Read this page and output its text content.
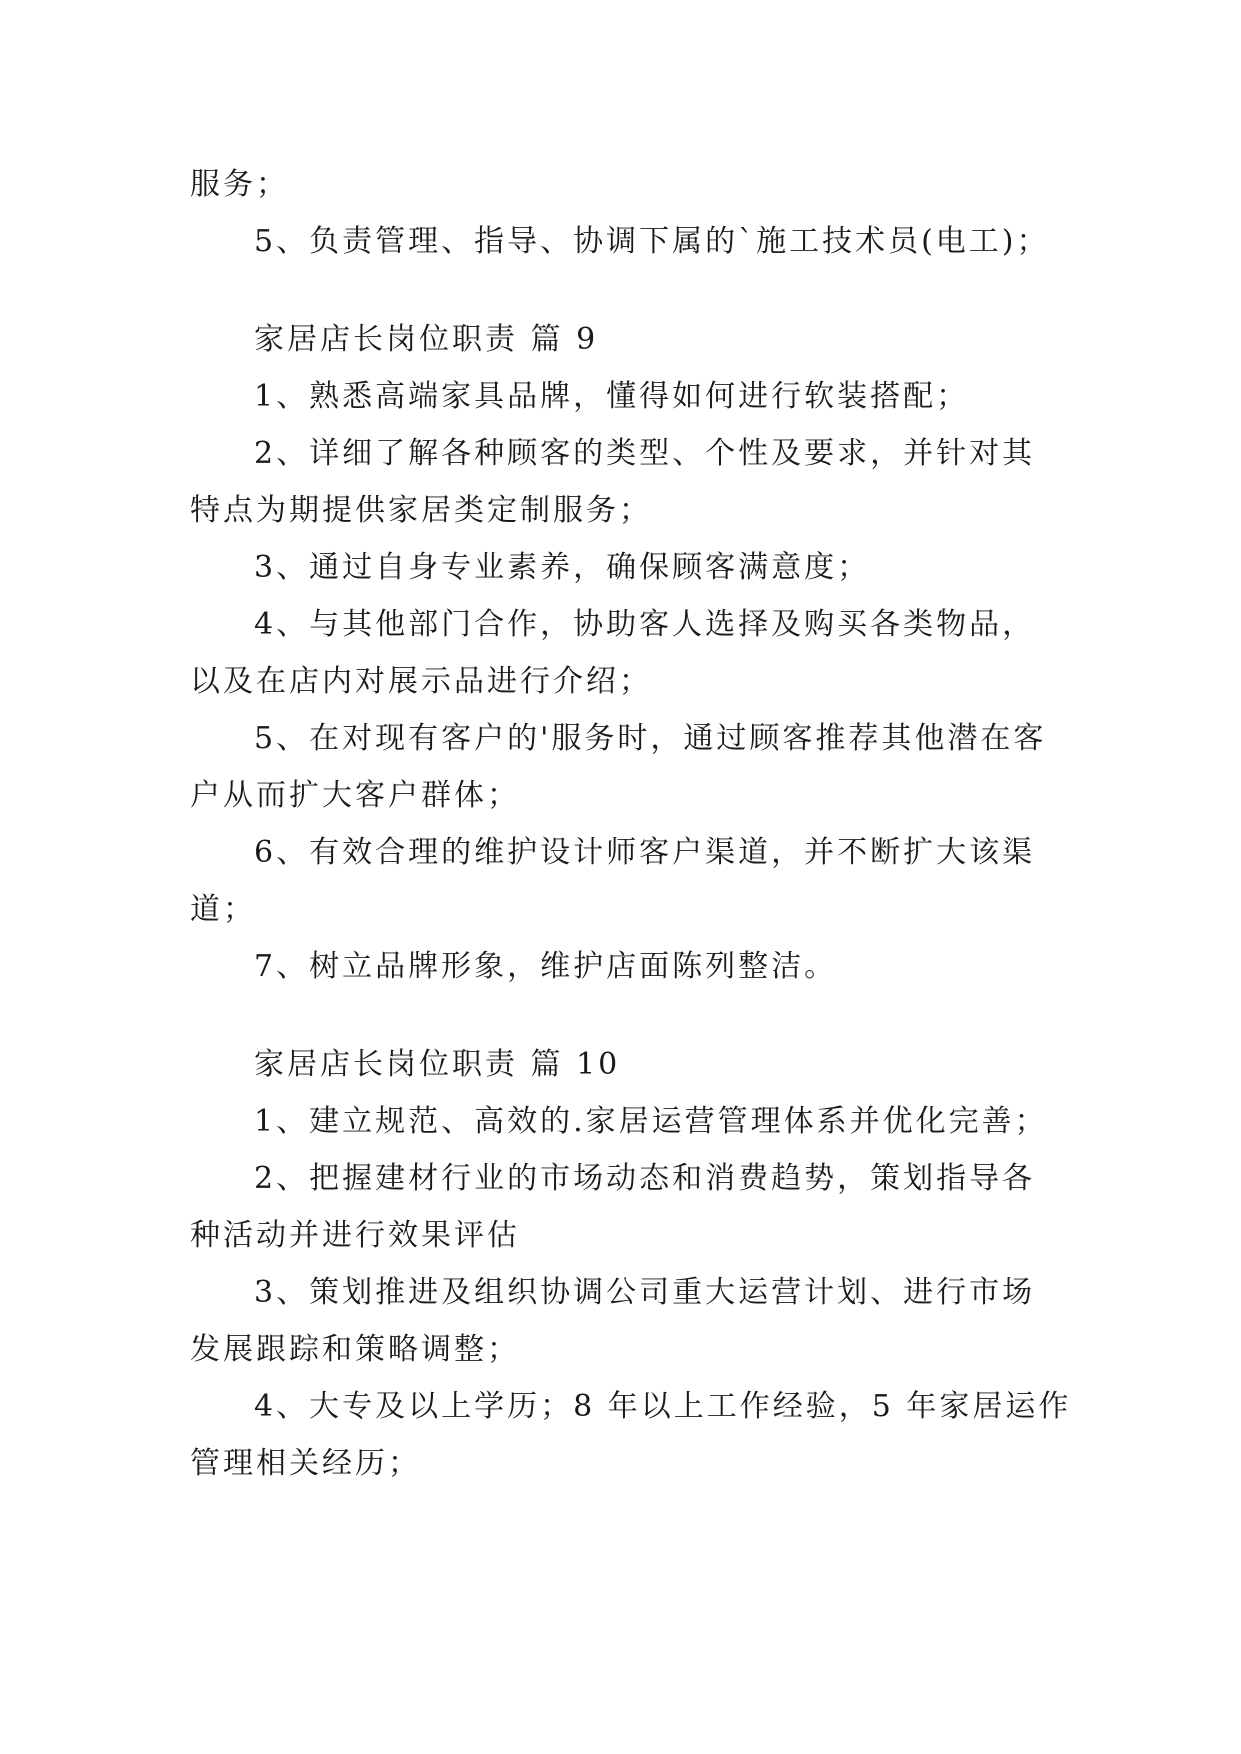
服务；
5、负责管理、指导、协调下属的`施工技术员(电工)；
家居店长岗位职责 篇 9
1、熟悉高端家具品牌，懂得如何进行软装搭配；
2、详细了解各种顾客的类型、个性及要求，并针对其
特点为期提供家居类定制服务；
3、通过自身专业素养，确保顾客满意度；
4、与其他部门合作，协助客人选择及购买各类物品，
以及在店内对展示品进行介绍；
5、在对现有客户的'服务时，通过顾客推荐其他潜在客
户从而扩大客户群体；
6、有效合理的维护设计师客户渠道，并不断扩大该渠
道；
7、树立品牌形象，维护店面陈列整洁。
家居店长岗位职责 篇 10
1、建立规范、高效的.家居运营管理体系并优化完善；
2、把握建材行业的市场动态和消费趋势，策划指导各
种活动并进行效果评估
3、策划推进及组织协调公司重大运营计划、进行市场
发展跟踪和策略调整；
4、大专及以上学历；8 年以上工作经验，5 年家居运作
管理相关经历；
